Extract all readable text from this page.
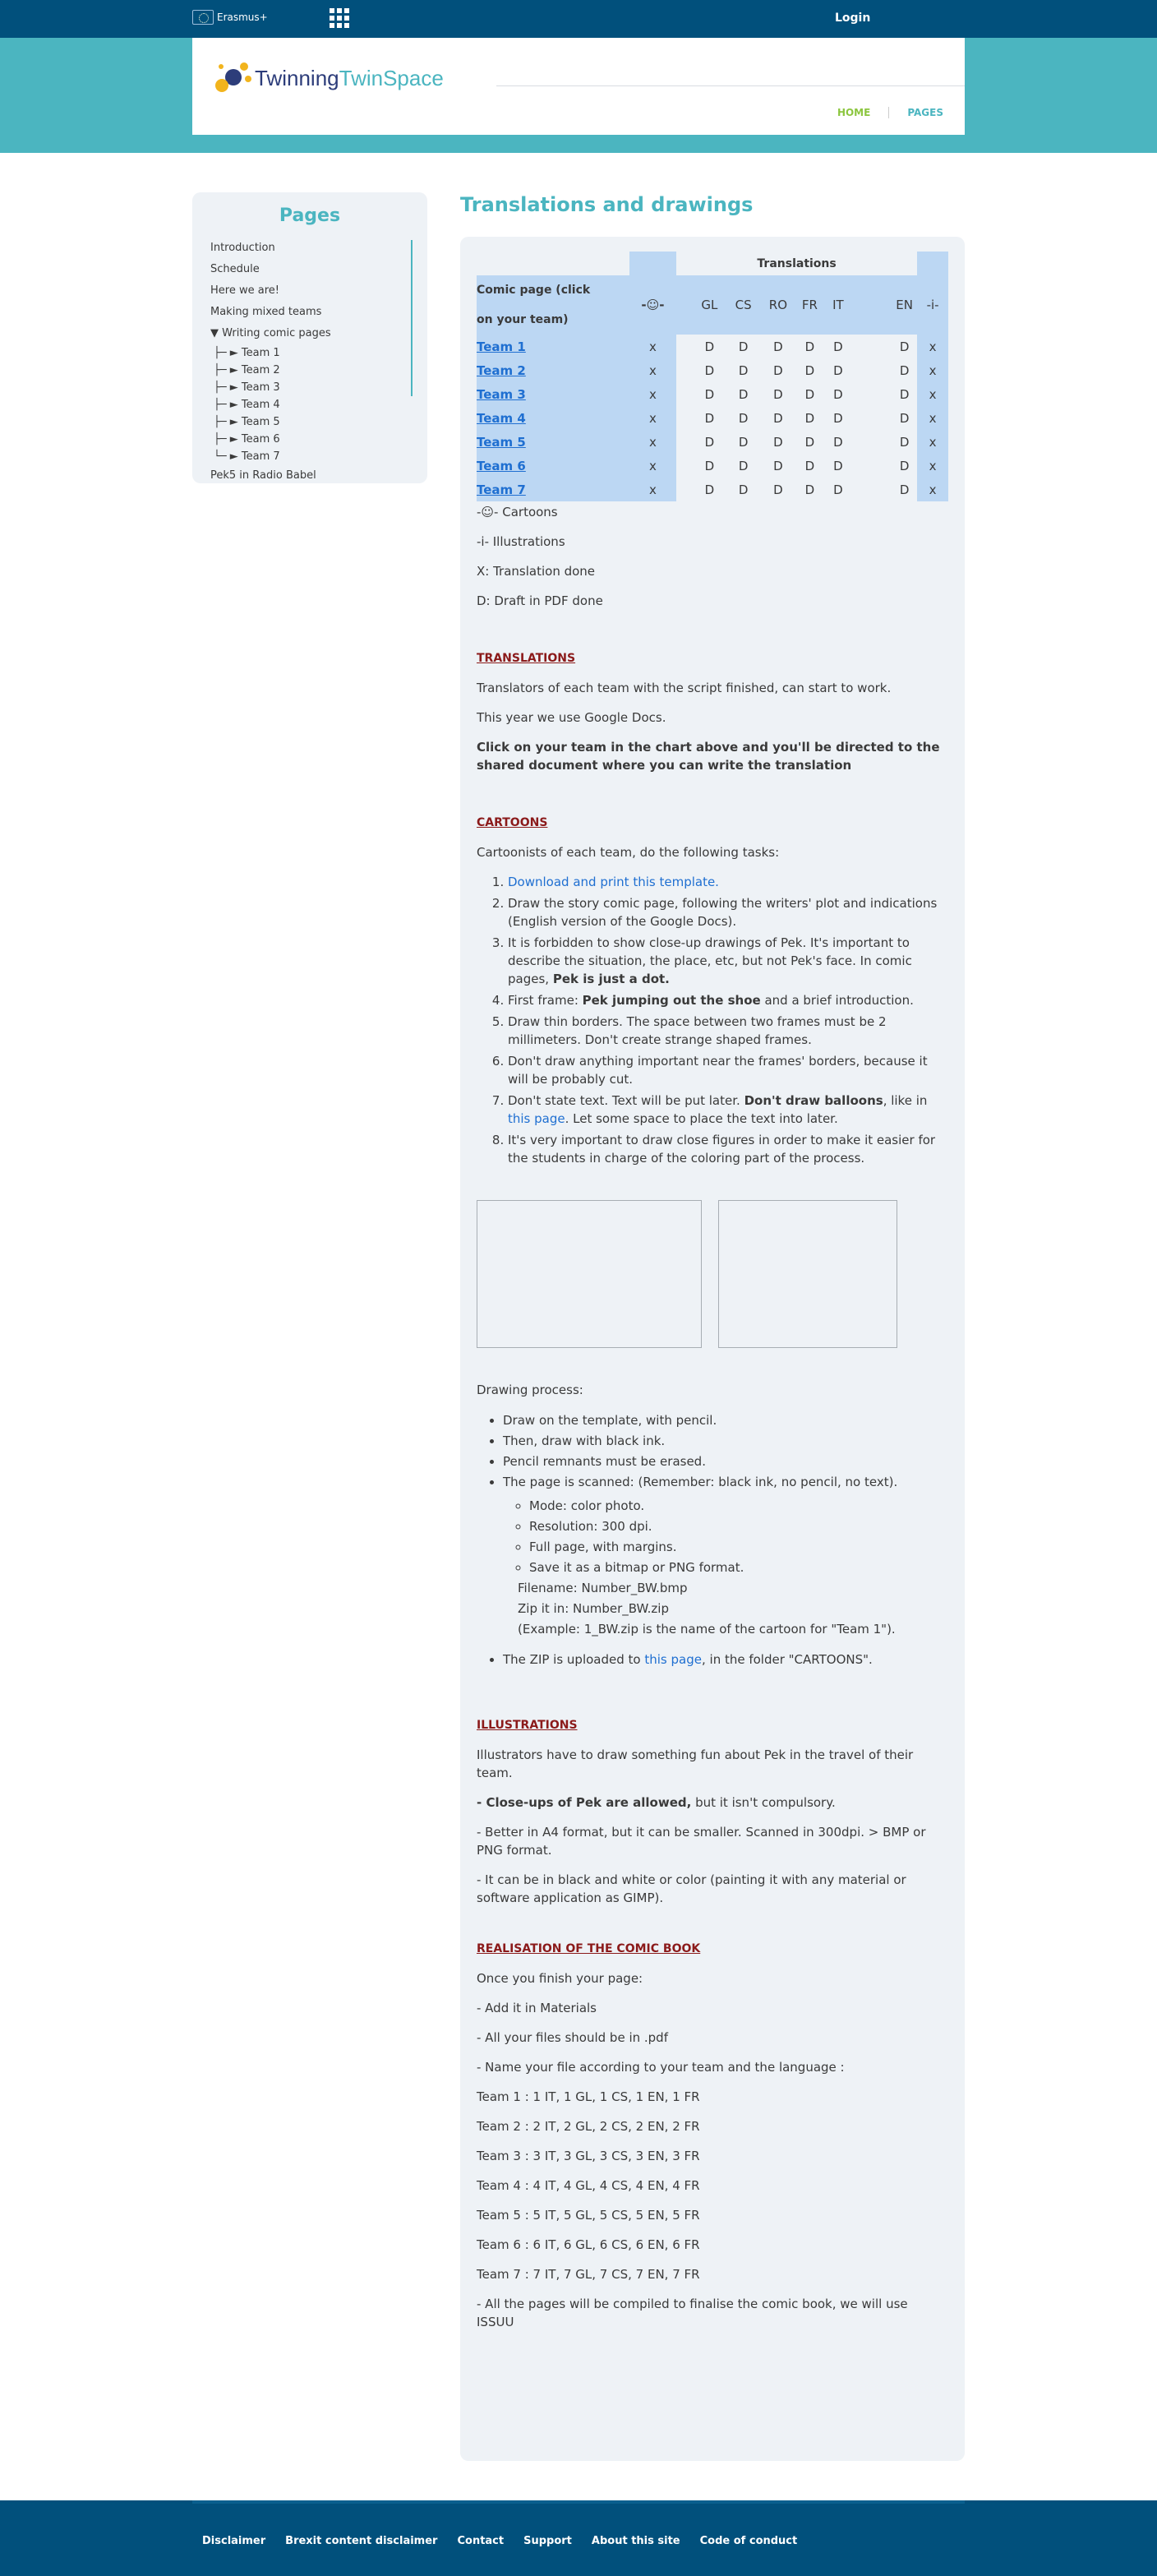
Erasmus+	Login
Twinning TwinSpace
HOME	PAGES
Pages
Introduction
Schedule
Here we are!
Making mixed teams
▼ Writing comic pages
├─ ► Team 1
├─ ► Team 2
├─ ► Team 3
├─ ► Team 4
├─ ► Team 5
├─ ► Team 6
└─ ► Team 7
Pek5 in Radio Babel
Translations and drawings
		Translations								
Comic page (click on your team)	-☺-		GL	CS	RO	FR	IT		EN	-i-
Team 1	x		D	D	D	D	D		D	x
Team 2	x		D	D	D	D	D		D	x
Team 3	x		D	D	D	D	D		D	x
Team 4	x		D	D	D	D	D		D	x
Team 5	x		D	D	D	D	D		D	x
Team 6	x		D	D	D	D	D		D	x
Team 7	x		D	D	D	D	D		D	x

-☺- Cartoons

-i- Illustrations

X: Translation done

D: Draft in PDF done

TRANSLATIONS

Translators of each team with the script finished, can start to work.

This year we use Google Docs.

Click on your team in the chart above and you'll be directed to the shared document where you can write the translation

CARTOONS

Cartoonists of each team, do the following tasks:

1. Download and print this template.
2. Draw the story comic page, following the writers' plot and indications (English version of the Google Docs).
3. It is forbidden to show close-up drawings of Pek. It's important to describe the situation, the place, etc, but not Pek's face. In comic pages, Pek is just a dot.
4. First frame: Pek jumping out the shoe and a brief introduction.
5. Draw thin borders. The space between two frames must be 2 millimeters. Don't create strange shaped frames.
6. Don't draw anything important near the frames' borders, because it will be probably cut.
7. Don't state text. Text will be put later. Don't draw balloons, like in this page. Let some space to place the text into later.
8. It's very important to draw close figures in order to make it easier for the students in charge of the coloring part of the process.

Drawing process:

• Draw on the template, with pencil.
• Then, draw with black ink.
• Pencil remnants must be erased.
• The page is scanned: (Remember: black ink, no pencil, no text).
◦ Mode: color photo.
◦ Resolution: 300 dpi.
◦ Full page, with margins.
◦ Save it as a bitmap or PNG format.
Filename: Number_BW.bmp
Zip it in: Number_BW.zip
(Example: 1_BW.zip is the name of the cartoon for "Team 1").
• The ZIP is uploaded to this page, in the folder "CARTOONS".

ILLUSTRATIONS

Illustrators have to draw something fun about Pek in the travel of their team.

- Close-ups of Pek are allowed, but it isn't compulsory.

- Better in A4 format, but it can be smaller. Scanned in 300dpi. > BMP or PNG format.

- It can be in black and white or color (painting it with any material or software application as GIMP).

REALISATION OF THE COMIC BOOK

Once you finish your page:

- Add it in Materials

- All your files should be in .pdf

- Name your file according to your team and the language :

Team 1 : 1 IT, 1 GL, 1 CS, 1 EN, 1 FR

Team 2 : 2 IT, 2 GL, 2 CS, 2 EN, 2 FR

Team 3 : 3 IT, 3 GL, 3 CS, 3 EN, 3 FR

Team 4 : 4 IT, 4 GL, 4 CS, 4 EN, 4 FR

Team 5 : 5 IT, 5 GL, 5 CS, 5 EN, 5 FR

Team 6 : 6 IT, 6 GL, 6 CS, 6 EN, 6 FR

Team 7 : 7 IT, 7 GL, 7 CS, 7 EN, 7 FR

- All the pages will be compiled to finalise the comic book, we will use ISSUU

Disclaimer Brexit content disclaimer Contact Support About this site Code of conduct
